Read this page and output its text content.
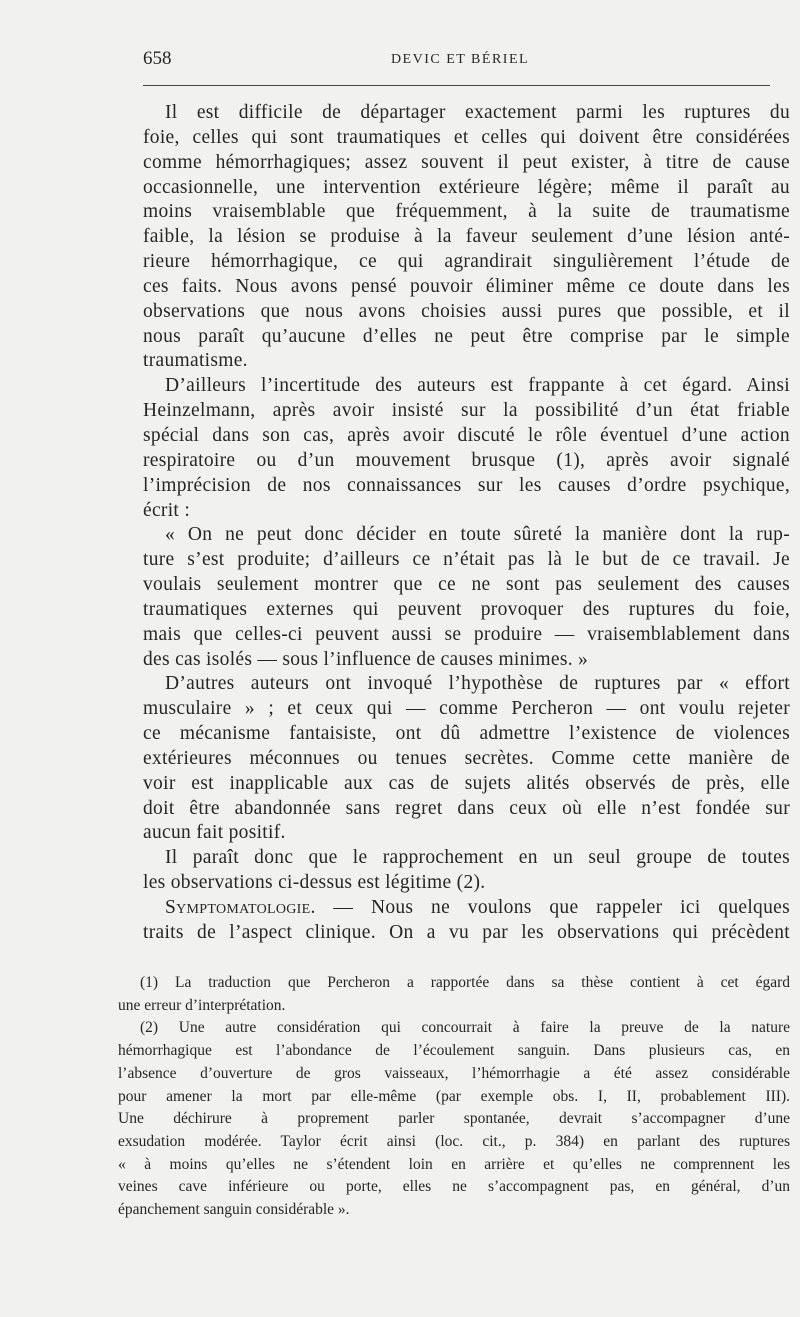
658	DEVIC ET BÉRIEL
Il est difficile de départager exactement parmi les ruptures du
foie, celles qui sont traumatiques et celles qui doivent être considérées
comme hémorrhagiques; assez souvent il peut exister, à titre de cause
occasionnelle, une intervention extérieure légère; même il paraît au
moins vraisemblable que fréquemment, à la suite de traumatisme
faible, la lésion se produise à la faveur seulement d’une lésion anté-
rieure hémorrhagique, ce qui agrandirait singulièrement l’étude de
ces faits. Nous avons pensé pouvoir éliminer même ce doute dans les
observations que nous avons choisies aussi pures que possible, et il
nous paraît qu’aucune d’elles ne peut être comprise par le simple
traumatisme.
D’ailleurs l’incertitude des auteurs est frappante à cet égard. Ainsi
Heinzelmann, après avoir insisté sur la possibilité d’un état friable
spécial dans son cas, après avoir discuté le rôle éventuel d’une action
respiratoire ou d’un mouvement brusque (1), après avoir signalé
l’imprécision de nos connaissances sur les causes d’ordre psychique,
écrit :
« On ne peut donc décider en toute sûreté la manière dont la rup-
ture s’est produite; d’ailleurs ce n’était pas là le but de ce travail. Je
voulais seulement montrer que ce ne sont pas seulement des causes
traumatiques externes qui peuvent provoquer des ruptures du foie,
mais que celles-ci peuvent aussi se produire — vraisemblablement dans
des cas isolés — sous l’influence de causes minimes. »
D’autres auteurs ont invoqué l’hypothèse de ruptures par « effort
musculaire » ; et ceux qui — comme Percheron — ont voulu rejeter
ce mécanisme fantaisiste, ont dû admettre l’existence de violences
extérieures méconnues ou tenues secrètes. Comme cette manière de
voir est inapplicable aux cas de sujets alités observés de près, elle
doit être abandonnée sans regret dans ceux où elle n’est fondée sur
aucun fait positif.
Il paraît donc que le rapprochement en un seul groupe de toutes
les observations ci-dessus est légitime (2).
Symptomatologie. — Nous ne voulons que rappeler ici quelques
traits de l’aspect clinique. On a vu par les observations qui précèdent
(1) La traduction que Percheron a rapportée dans sa thèse contient à cet égard
une erreur d’interprétation.
(2) Une autre considération qui concourrait à faire la preuve de la nature
hémorrhagique est l’abondance de l’écoulement sanguin. Dans plusieurs cas, en
l’absence d’ouverture de gros vaisseaux, l’hémorrhagie a été assez considérable
pour amener la mort par elle-même (par exemple obs. I, II, probablement III).
Une déchirure à proprement parler spontanée, devrait s’accompagner d’une
exsudation modérée. Taylor écrit ainsi (loc. cit., p. 384) en parlant des ruptures
« à moins qu’elles ne s’étendent loin en arrière et qu’elles ne comprennent les
veines cave inférieure ou porte, elles ne s’accompagnent pas, en général, d’un
épanchement sanguin considérable ».
